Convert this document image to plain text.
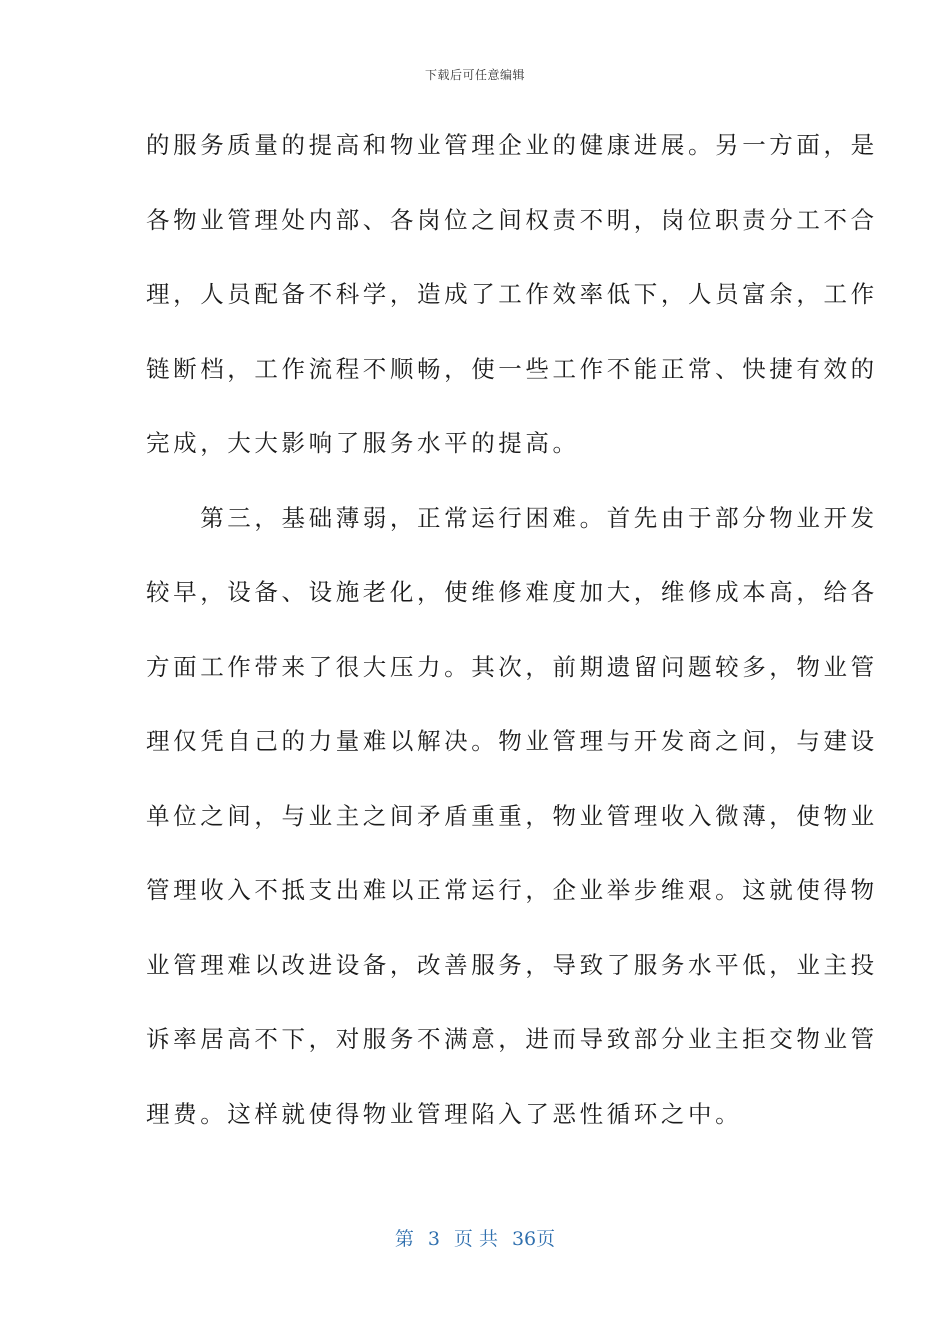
下载后可任意编辑
的服务质量的提高和物业管理企业的健康进展。另一方面，是
各物业管理处内部、各岗位之间权责不明，岗位职责分工不合
理，人员配备不科学，造成了工作效率低下，人员富余，工作
链断档，工作流程不顺畅，使一些工作不能正常、快捷有效的
完成，大大影响了服务水平的提高。
　　第三，基础薄弱，正常运行困难。首先由于部分物业开发
较早，设备、设施老化，使维修难度加大，维修成本高，给各
方面工作带来了很大压力。其次，前期遗留问题较多，物业管
理仅凭自己的力量难以解决。物业管理与开发商之间，与建设
单位之间，与业主之间矛盾重重，物业管理收入微薄，使物业
管理收入不抵支出难以正常运行，企业举步维艰。这就使得物
业管理难以改进设备，改善服务，导致了服务水平低，业主投
诉率居高不下，对服务不满意，进而导致部分业主拒交物业管
理费。这样就使得物业管理陷入了恶性循环之中。
第 3 页 共 36页
